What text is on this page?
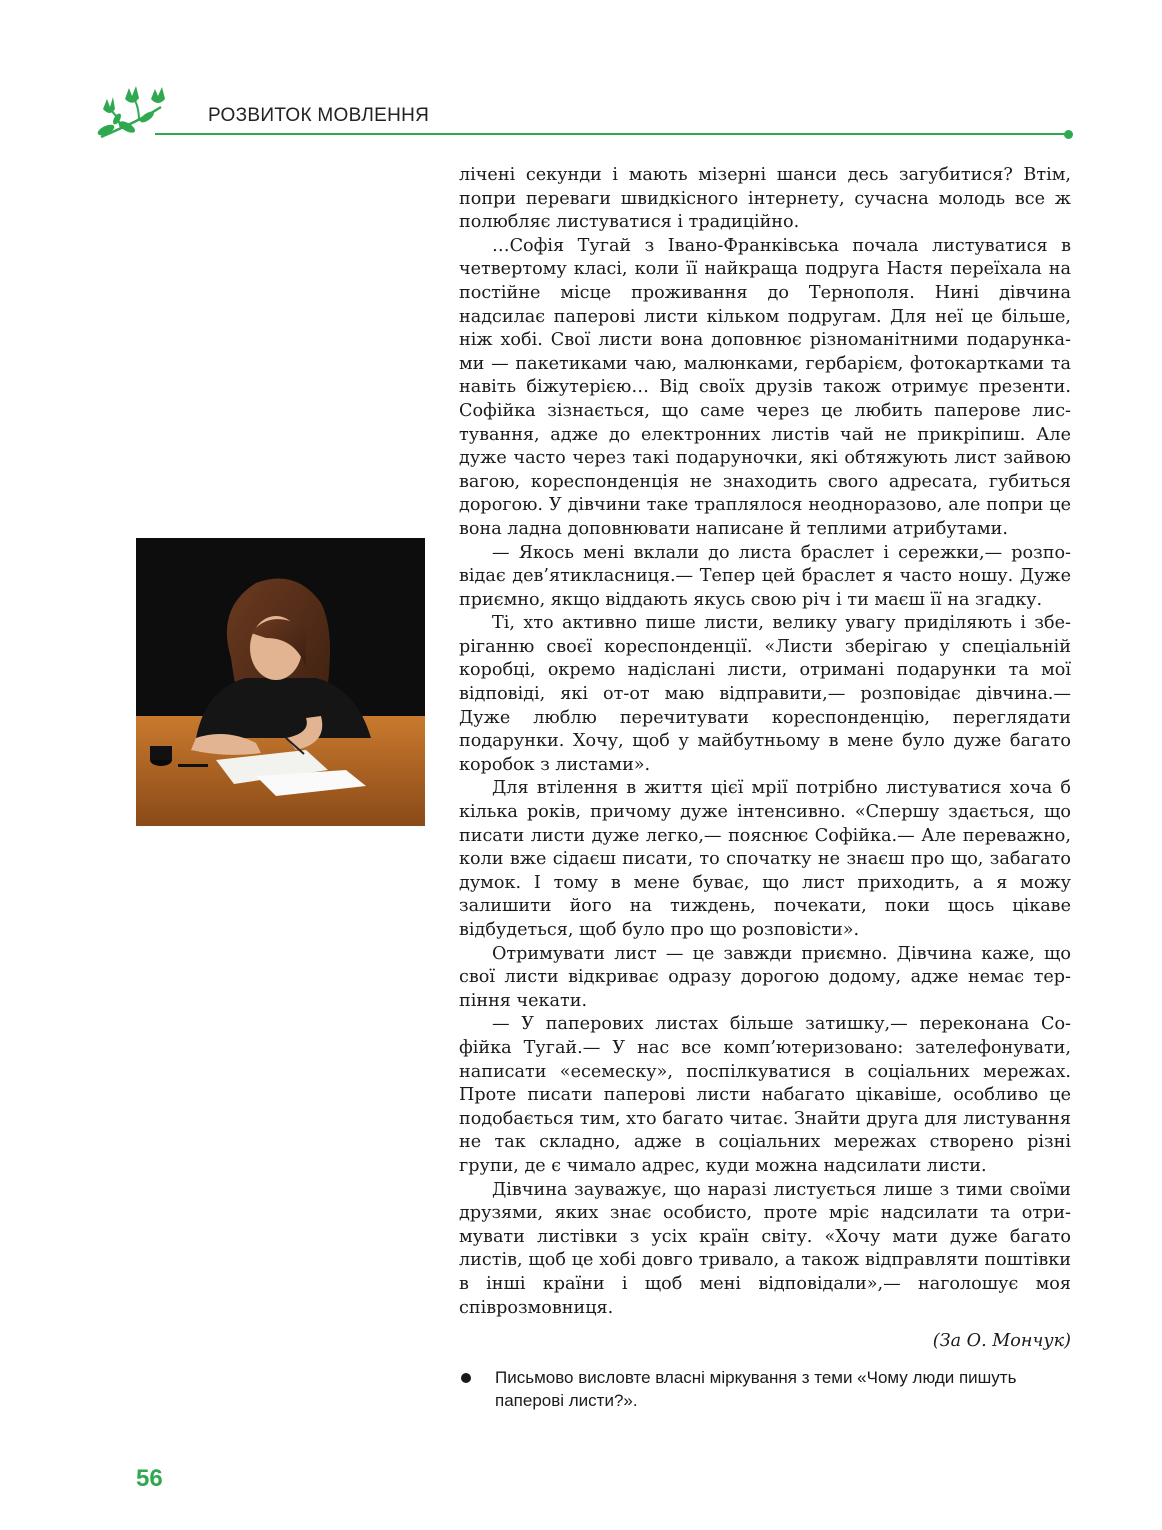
РОЗВИТОК МОВЛЕННЯ

лічені секунди і мають мізерні шанси десь загубитися? Втім, попри переваги швидкісного інтернету, сучасна молодь все ж полюбляє листуватися і традиційно.

…Софія Тугай з Івано-Франківська почала листуватися в четвертому класі, коли її найкраща подруга Настя переїхала на постійне місце проживання до Тернополя. Нині дівчина надсилає паперові листи кільком подругам. Для неї це більше, ніж хобі. Свої листи вона доповнює різноманітними подарунками — пакетиками чаю, малюнками, гербарієм, фотокартками та навіть біжутерією… Від своїх друзів також отримує презенти. Софійка зізнається, що саме через це любить паперове листування, адже до електронних листів чай не прикріпиш. Але дуже часто через такі подаруночки, які обтяжують лист зайвою вагою, кореспонденція не знаходить свого адресата, губиться дорогою. У дівчини таке траплялося неодноразово, але попри це вона ладна доповнювати написане й теплими атрибутами.

— Якось мені вклали до листа браслет і сережки,— розповідає дев’ятикласниця.— Тепер цей браслет я часто ношу. Дуже приємно, якщо віддають якусь свою річ і ти маєш її на згадку.

Ті, хто активно пише листи, велику увагу приділяють і зберіганню своєї кореспонденції. «Листи зберігаю у спеціальній коробці, окремо надіслані листи, отримані подарунки та мої відповіді, які от-от маю відправити,— розповідає дівчина.— Дуже люблю перечитувати кореспонденцію, переглядати подарунки. Хочу, щоб у майбутньому в мене було дуже багато коробок з листами».

Для втілення в життя цієї мрії потрібно листуватися хоча б кілька років, причому дуже інтенсивно. «Спершу здається, що писати листи дуже легко,— пояснює Софійка.— Але переважно, коли вже сідаєш писати, то спочатку не знаєш про що, забагато думок. І тому в мене буває, що лист приходить, а я можу залишити його на тиждень, почекати, поки щось цікаве відбудеться, щоб було про що розповісти».

Отримувати лист — це завжди приємно. Дівчина каже, що свої листи відкриває одразу дорогою додому, адже немає терпіння чекати.

— У паперових листах більше затишку,— переконана Софійка Тугай.— У нас все комп’ютеризовано: зателефонувати, написати «есемеску», поспілкуватися в соціальних мережах. Проте писати паперові листи набагато цікавіше, особливо це подобається тим, хто багато читає. Знайти друга для листування не так складно, адже в соціальних мережах створено різні групи, де є чимало адрес, куди можна надсилати листи.

Дівчина зауважує, що наразі листується лише з тими своїми друзями, яких знає особисто, проте мріє надсилати та отримувати листівки з усіх країн світу. «Хочу мати дуже багато листів, щоб це хобі довго тривало, а також відправляти поштівки в інші країни і щоб мені відповідали»,— наголошує моя співрозмовниця.

(За О. Мончук)
Письмово висловте власні міркування з теми «Чому люди пишуть паперові листи?».
56
